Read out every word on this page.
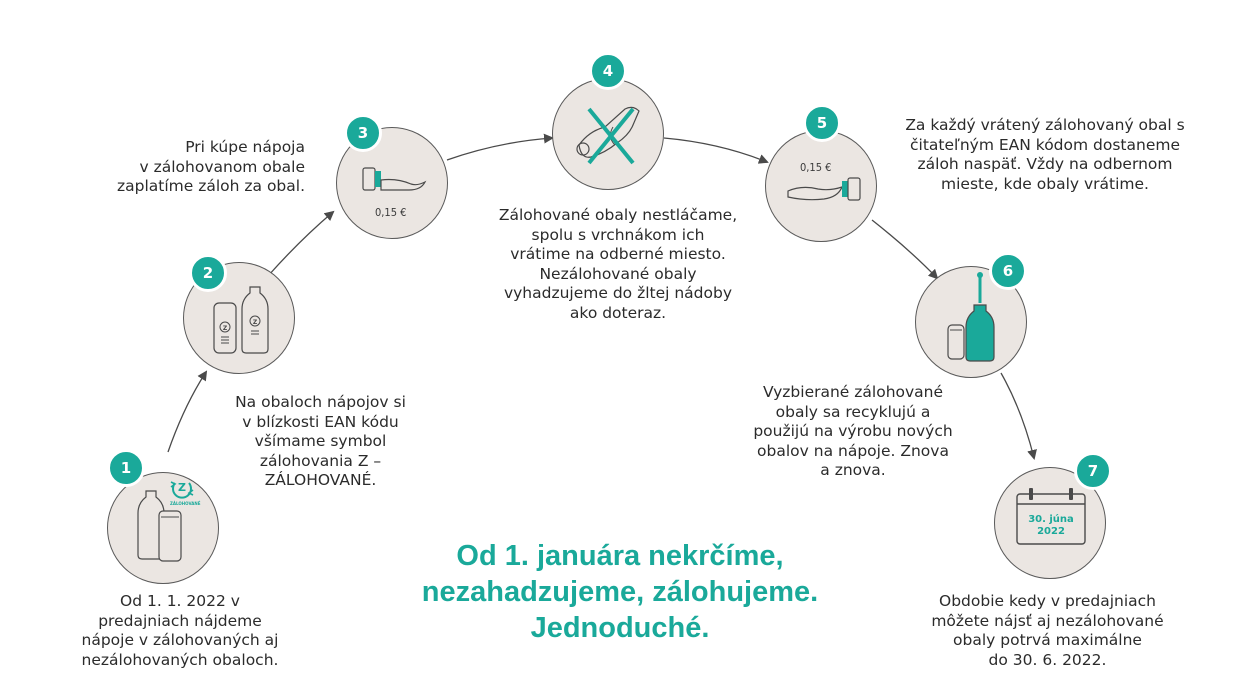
Z
ZÁLOHOVANÉ
1
Od 1. 1. 2022 v
predajniach nájdeme
nápoje v zálohovaných aj
nezálohovaných obaloch.
Z
Z
2
Na obaloch nápojov si
v blízkosti EAN kódu
všímame symbol
zálohovania Z –
ZÁLOHOVANÉ.
0,15 €
3
Pri kúpe nápoja
v zálohovanom obale
zaplatíme záloh za obal.
4
Zálohované obaly nestláčame,
spolu s vrchnákom ich
vrátime na odberné miesto.
Nezálohované obaly
vyhadzujeme do žltej nádoby
ako doteraz.
0,15 €
5	Za každý vrátený zálohovaný obal s
čitateľným EAN kódom dostaneme
záloh naspäť. Vždy na odbernom
mieste, kde obaly vrátime.
6
Vyzbierané zálohované
obaly sa recyklujú a
použijú na výrobu nových
obalov na nápoje. Znova
a znova.
30. júna
2022
7
Obdobie kedy v predajniach
môžete nájsť aj nezálohované
obaly potrvá maximálne
do 30. 6. 2022.
Od 1. januára nekrčíme,
nezahadzujeme, zálohujeme.
Jednoduché.
